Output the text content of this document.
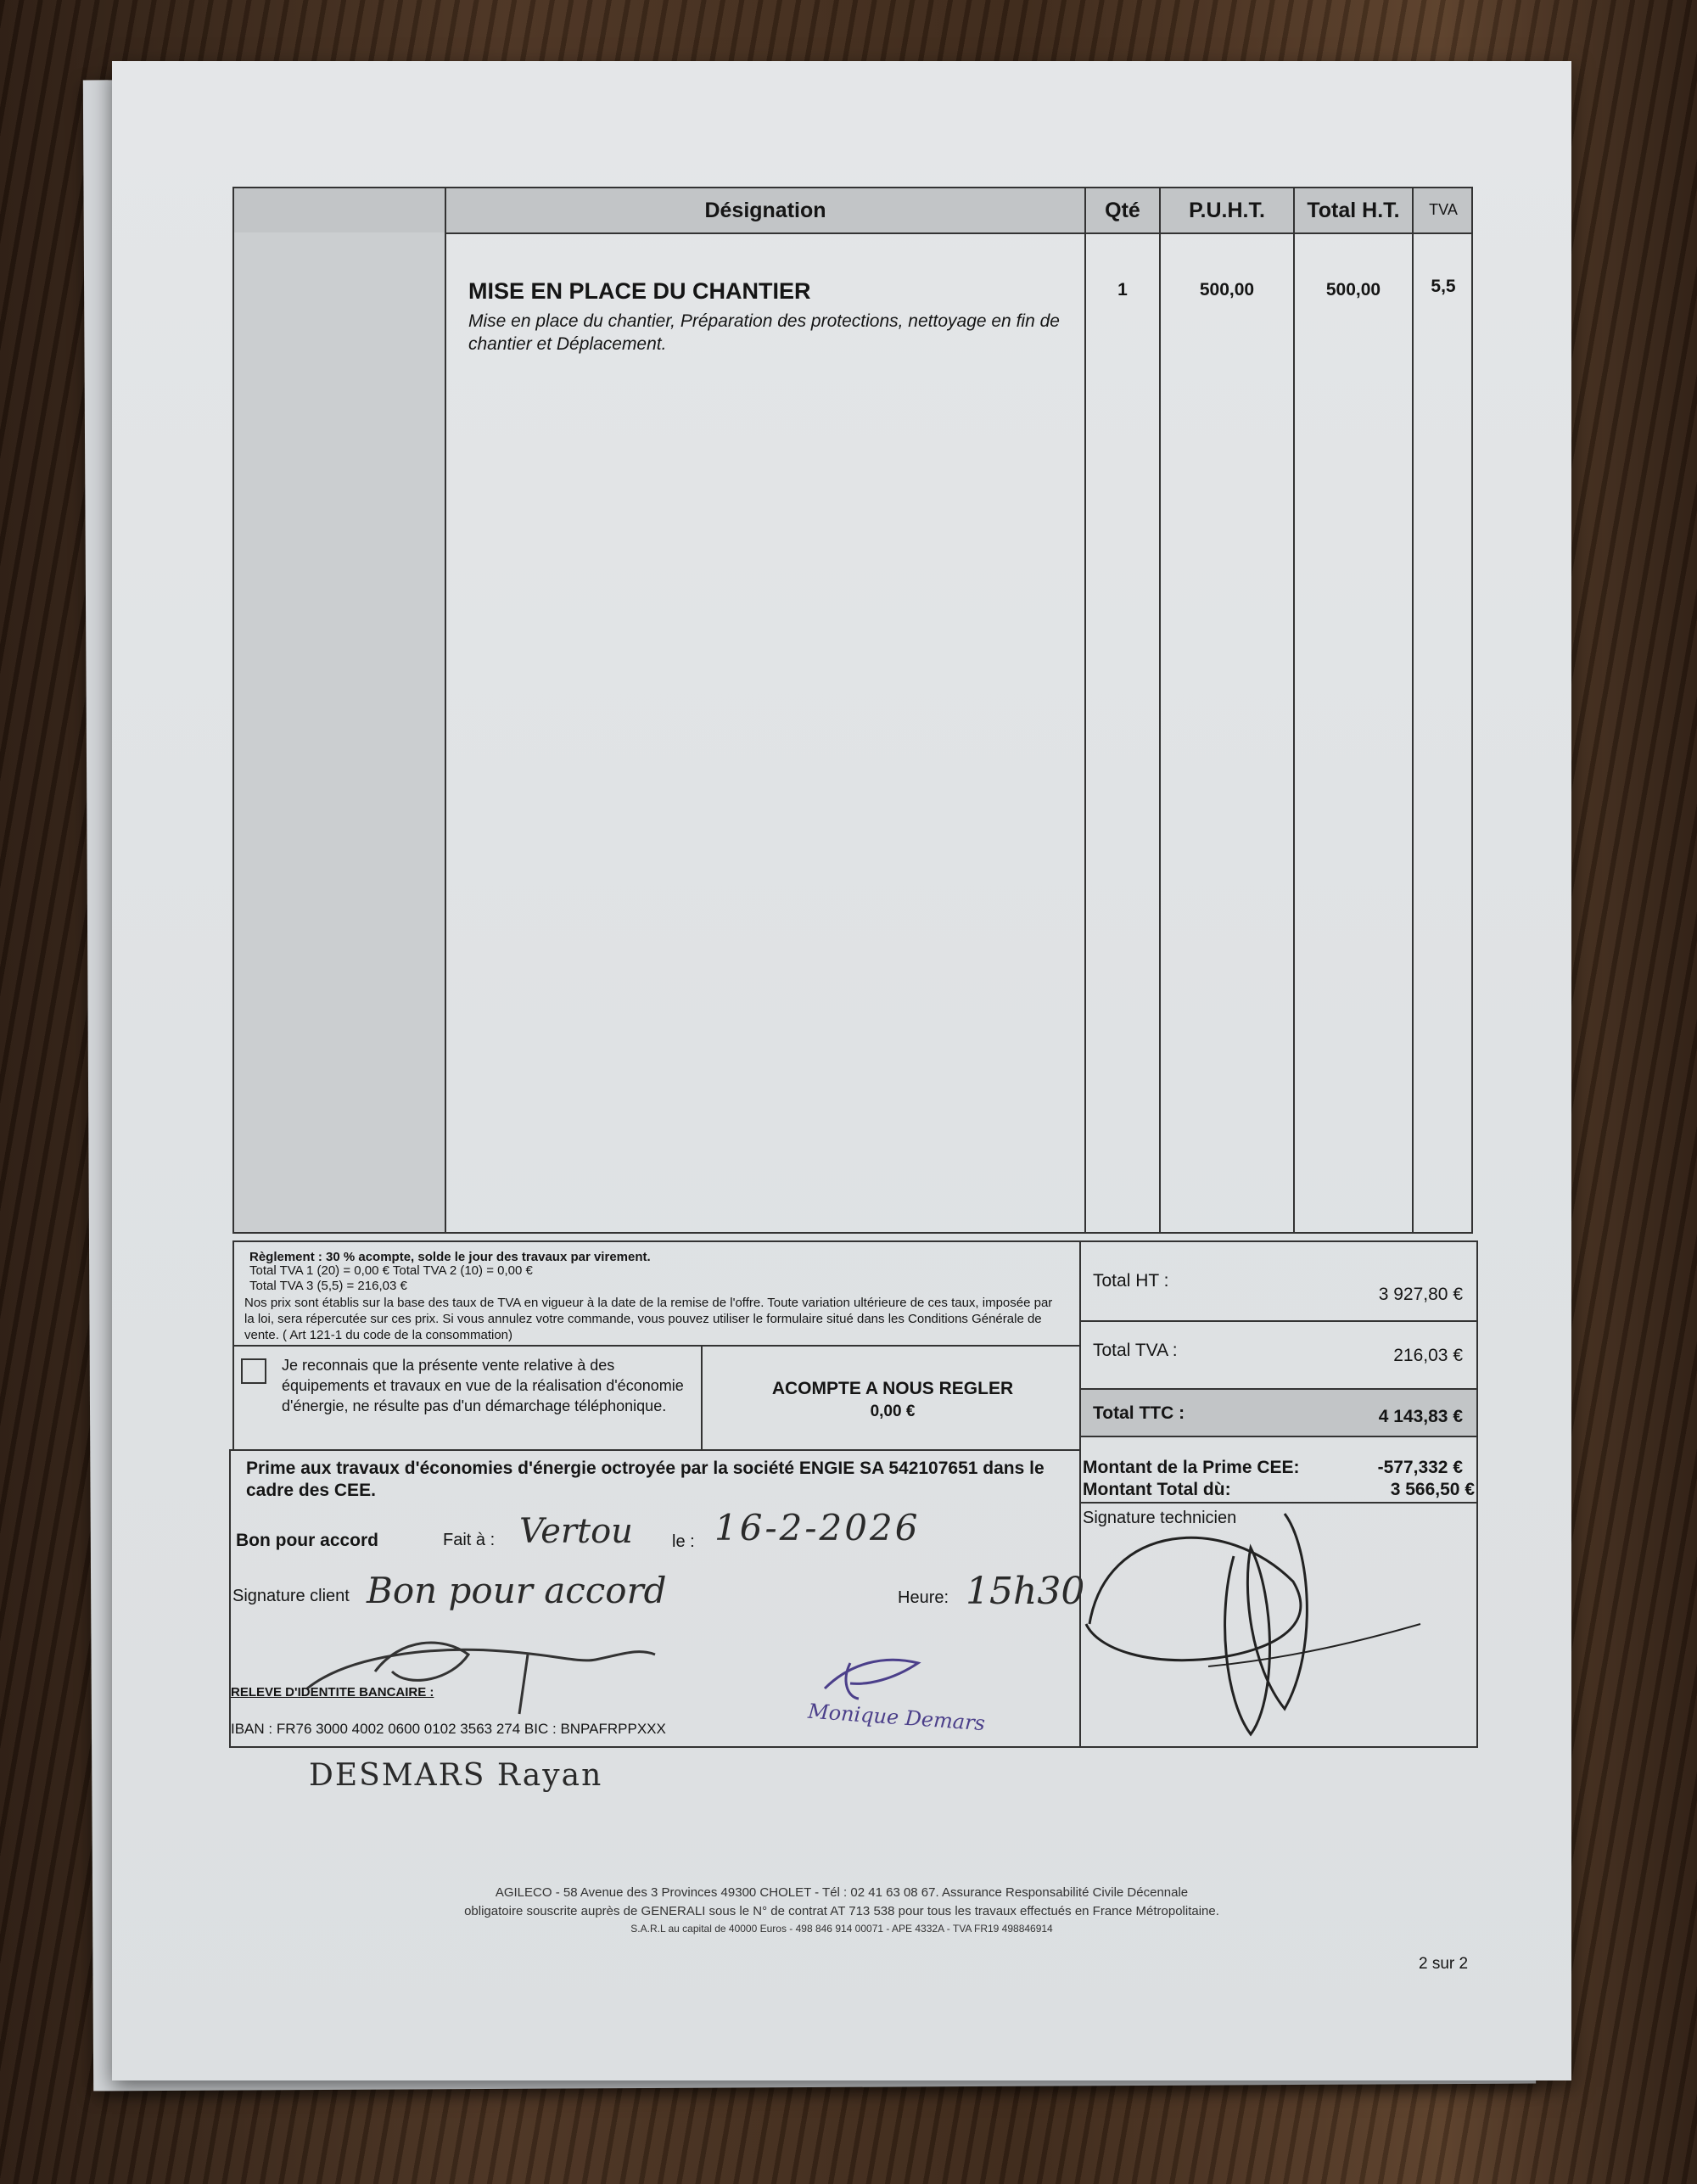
Désignation	Qté	P.U.H.T.	Total H.T.	TVA
MISE EN PLACE DU CHANTIER
Mise en place du chantier, Préparation des protections, nettoyage en fin de chantier et Déplacement.
1	500,00	500,00	5,5
Règlement : 30 % acompte, solde le jour des travaux par virement.
Total TVA 1 (20) = 0,00 € Total TVA 2 (10) = 0,00 €
Total TVA 3 (5,5) = 216,03 €
Nos prix sont établis sur la base des taux de TVA en vigueur à la date de la remise de l'offre. Toute variation ultérieure de ces taux, imposée par la loi, sera répercutée sur ces prix. Si vous annulez votre commande, vous pouvez utiliser le formulaire situé dans les Conditions Générale de vente. ( Art 121-1 du code de la consommation)
Je reconnais que la présente vente relative à des équipements et travaux en vue de la réalisation d'économie d'énergie, ne résulte pas d'un démarchage téléphonique.
ACOMPTE A NOUS REGLER
0,00 €
Total HT :
3 927,80 €
Total TVA :	216,03 €
Total TTC :	4 143,83 €
Prime aux travaux d'économies d'énergie octroyée par la société ENGIE SA 542107651 dans le cadre des CEE.
Bon pour accord	Fait à : Vertou le : 16-2-2026
Signature client Bon pour accord	Heure: 15h30
Monique Demars
RELEVE D'IDENTITE BANCAIRE :
IBAN : FR76 3000 4002 0600 0102 3563 274 BIC : BNPAFRPPXXX
Montant de la Prime CEE:	-577,332 €
Montant Total dù:	3 566,50 €
Signature technicien
DESMARS Rayan
AGILECO - 58 Avenue des 3 Provinces 49300 CHOLET - Tél : 02 41 63 08 67. Assurance Responsabilité Civile Décennale
obligatoire souscrite auprès de GENERALI sous le N° de contrat AT 713 538 pour tous les travaux effectués en France Métropolitaine.
S.A.R.L au capital de 40000 Euros - 498 846 914 00071 - APE 4332A - TVA FR19 498846914
2 sur 2
